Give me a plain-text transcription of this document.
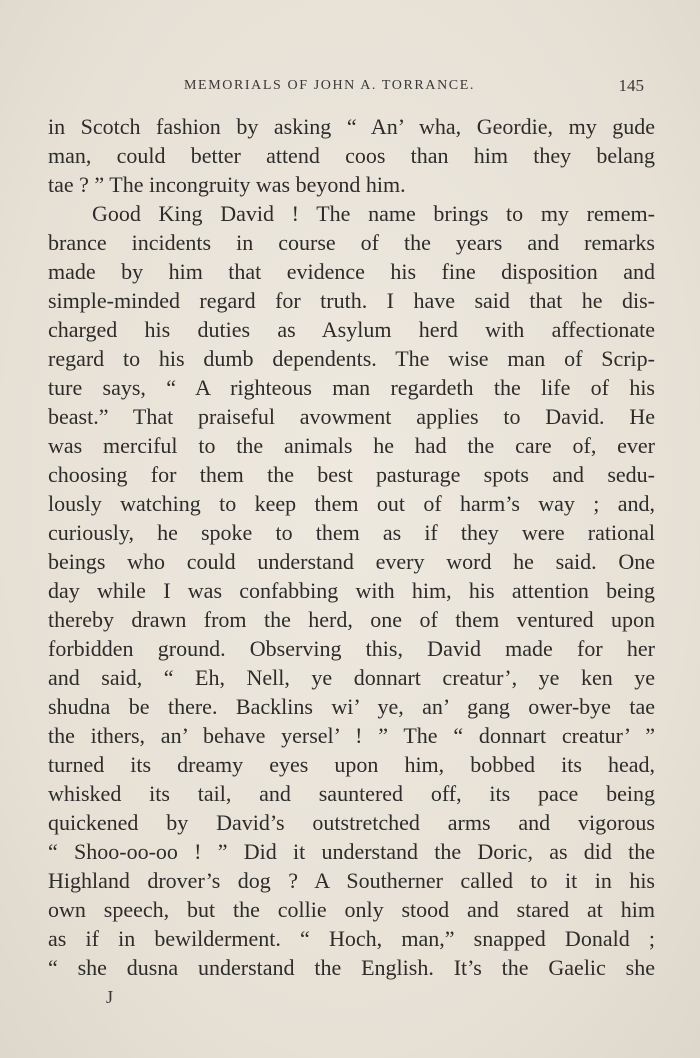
MEMORIALS OF JOHN A. TORRANCE.	145
in Scotch fashion by asking “ An’ wha, Geordie, my gude
man, could better attend coos than him they belang
tae ? ” The incongruity was beyond him.
Good King David ! The name brings to my remem-
brance incidents in course of the years and remarks
made by him that evidence his fine disposition and
simple-minded regard for truth. I have said that he dis-
charged his duties as Asylum herd with affectionate
regard to his dumb dependents. The wise man of Scrip-
ture says, “ A righteous man regardeth the life of his
beast.” That praiseful avowment applies to David. He
was merciful to the animals he had the care of, ever
choosing for them the best pasturage spots and sedu-
lously watching to keep them out of harm’s way ; and,
curiously, he spoke to them as if they were rational
beings who could understand every word he said. One
day while I was confabbing with him, his attention being
thereby drawn from the herd, one of them ventured upon
forbidden ground. Observing this, David made for her
and said, “ Eh, Nell, ye donnart creatur’, ye ken ye
shudna be there. Backlins wi’ ye, an’ gang ower-bye tae
the ithers, an’ behave yersel’ ! ” The “ donnart creatur’ ”
turned its dreamy eyes upon him, bobbed its head,
whisked its tail, and sauntered off, its pace being
quickened by David’s outstretched arms and vigorous
“ Shoo-oo-oo ! ” Did it understand the Doric, as did the
Highland drover’s dog ? A Southerner called to it in his
own speech, but the collie only stood and stared at him
as if in bewilderment. “ Hoch, man,” snapped Donald ;
“ she dusna understand the English. It’s the Gaelic she
J
